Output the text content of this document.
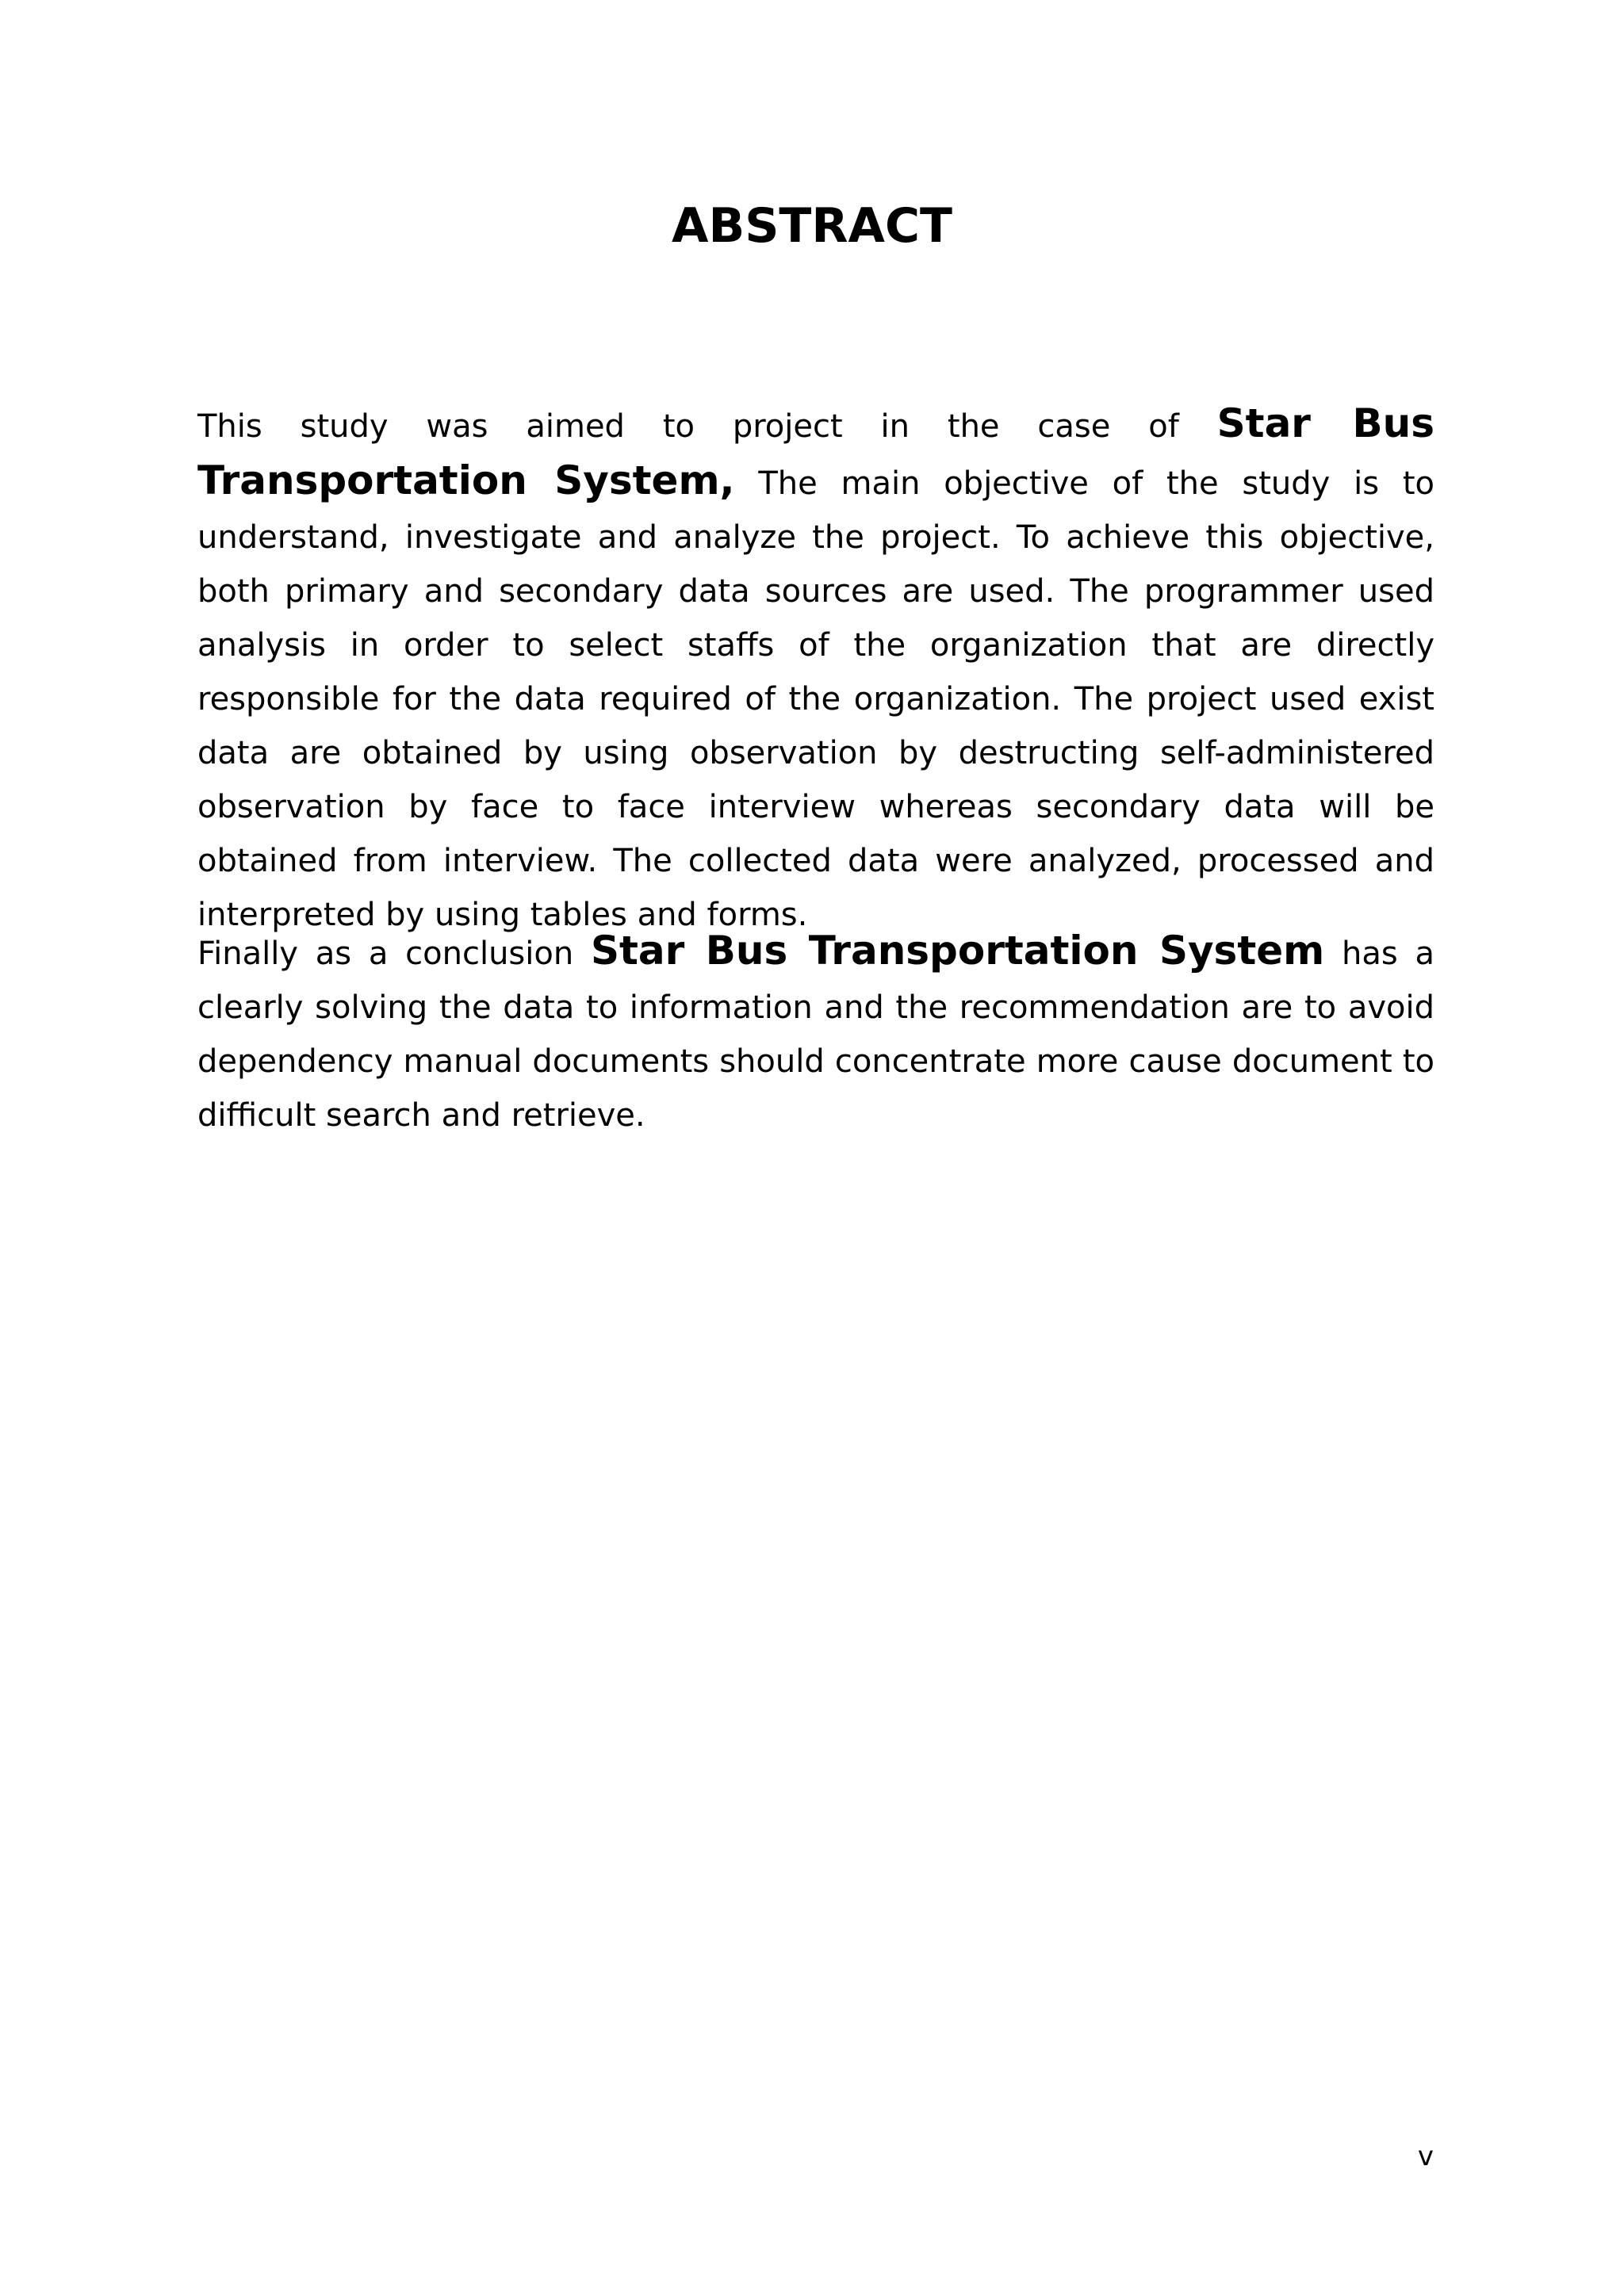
ABSTRACT

This study was aimed to project in the case of Star Bus Transportation System, The main objective of the study is to understand, investigate and analyze the project. To achieve this objective, both primary and secondary data sources are used. The programmer used analysis in order to select staffs of the organization that are directly responsible for the data required of the organization. The project used exist data are obtained by using observation by destructing self-administered observation by face to face interview whereas secondary data will be obtained from interview. The collected data were analyzed, processed and interpreted by using tables and forms.

Finally as a conclusion Star Bus Transportation System has a clearly solving the data to information and the recommendation are to avoid dependency manual documents should concentrate more cause document to difficult search and retrieve.

v
